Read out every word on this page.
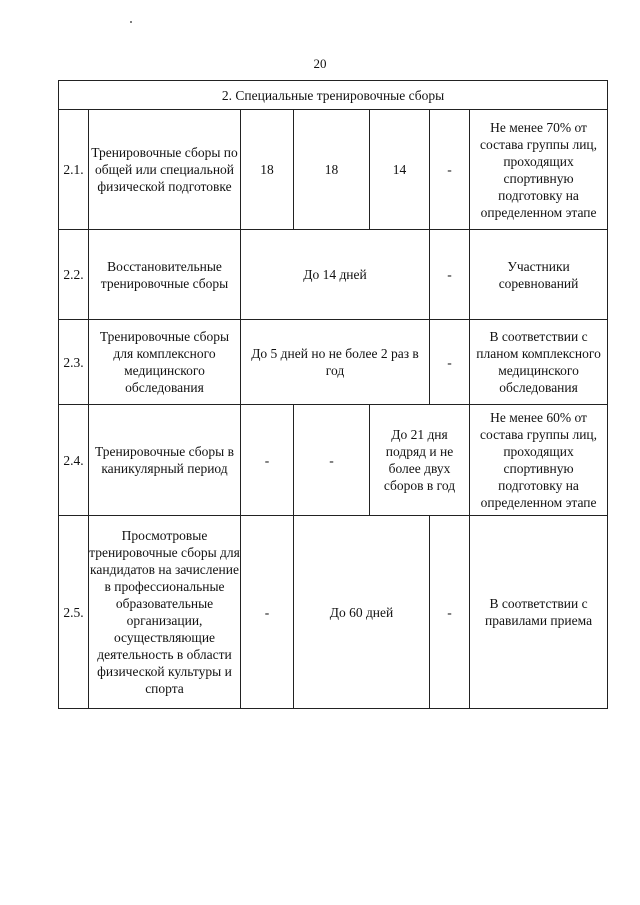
20
2. Специальные тренировочные сборы						
2.1.	Тренировочные сборы по общей или специальной физической подготовке	18	18	14	-	Не менее 70% от состава группы лиц, проходящих спортивную подготовку на определенном этапе
2.2.	Восстановительные тренировочные сборы	До 14 дней			-	Участники соревнований
2.3.	Тренировочные сборы для комплексного медицинского обследования	До 5 дней но не более 2 раз в год			-	В соответствии с планом комплексного медицинского обследования
2.4.	Тренировочные сборы в каникулярный период	-	-	До 21 дня подряд и не более двух сборов в год		Не менее 60% от состава группы лиц, проходящих спортивную подготовку на определенном этапе
2.5.	Просмотровые тренировочные сборы для кандидатов на зачисление в профессиональные образовательные организации, осуществляющие деятельность в области физической культуры и спорта	-	До 60 дней		-	В соответствии с правилами приема
